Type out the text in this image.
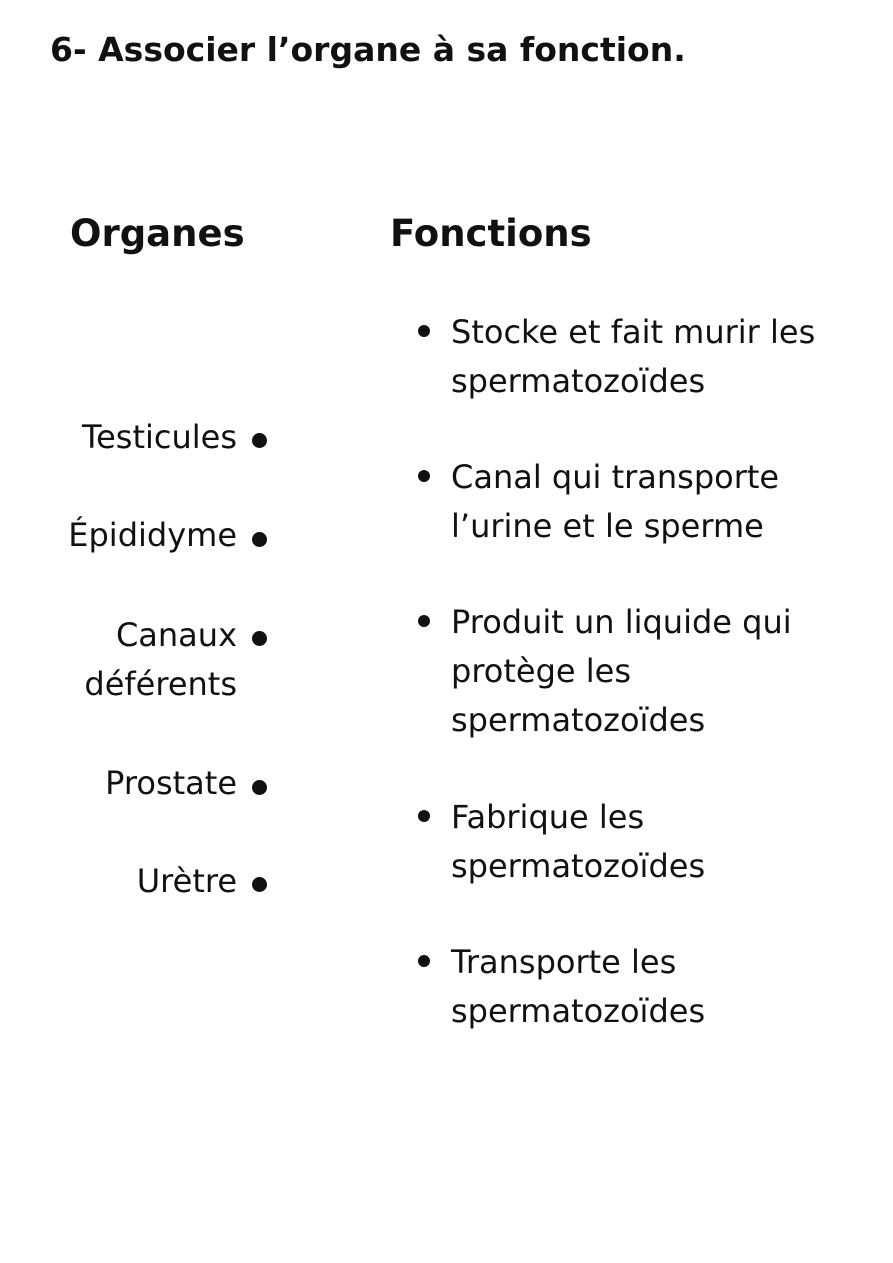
6- Associer l’organe à sa fonction.
Organes	Fonctions
Testicules
Épididyme
Canaux
déférents
Prostate
Urètre
Stocke et fait murir les
spermatozoïdes
Canal qui transporte
l’urine et le sperme
Produit un liquide qui
protège les
spermatozoïdes
Fabrique les
spermatozoïdes
Transporte les
spermatozoïdes
